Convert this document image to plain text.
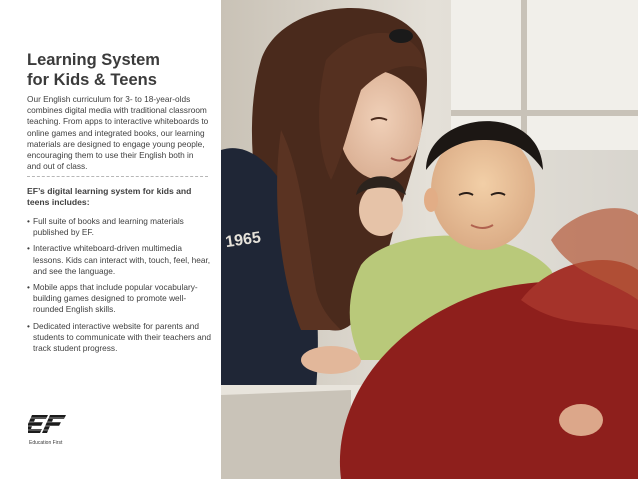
Learning System
for Kids & Teens

Our English curriculum for 3- to 18-year-olds combines digital media with traditional classroom teaching. From apps to interactive whiteboards to online games and integrated books, our learning materials are designed to engage young people, encouraging them to use their English both in and out of class.

EF’s digital learning system for kids and teens includes:

• Full suite of books and learning materials published by EF.
• Interactive whiteboard-driven multimedia lessons. Kids can interact with, touch, feel, hear, and see the language.
• Mobile apps that include popular vocabulary-building games designed to promote well-rounded English skills.
• Dedicated interactive website for parents and students to communicate with their teachers and track student progress.
Education First
1965
